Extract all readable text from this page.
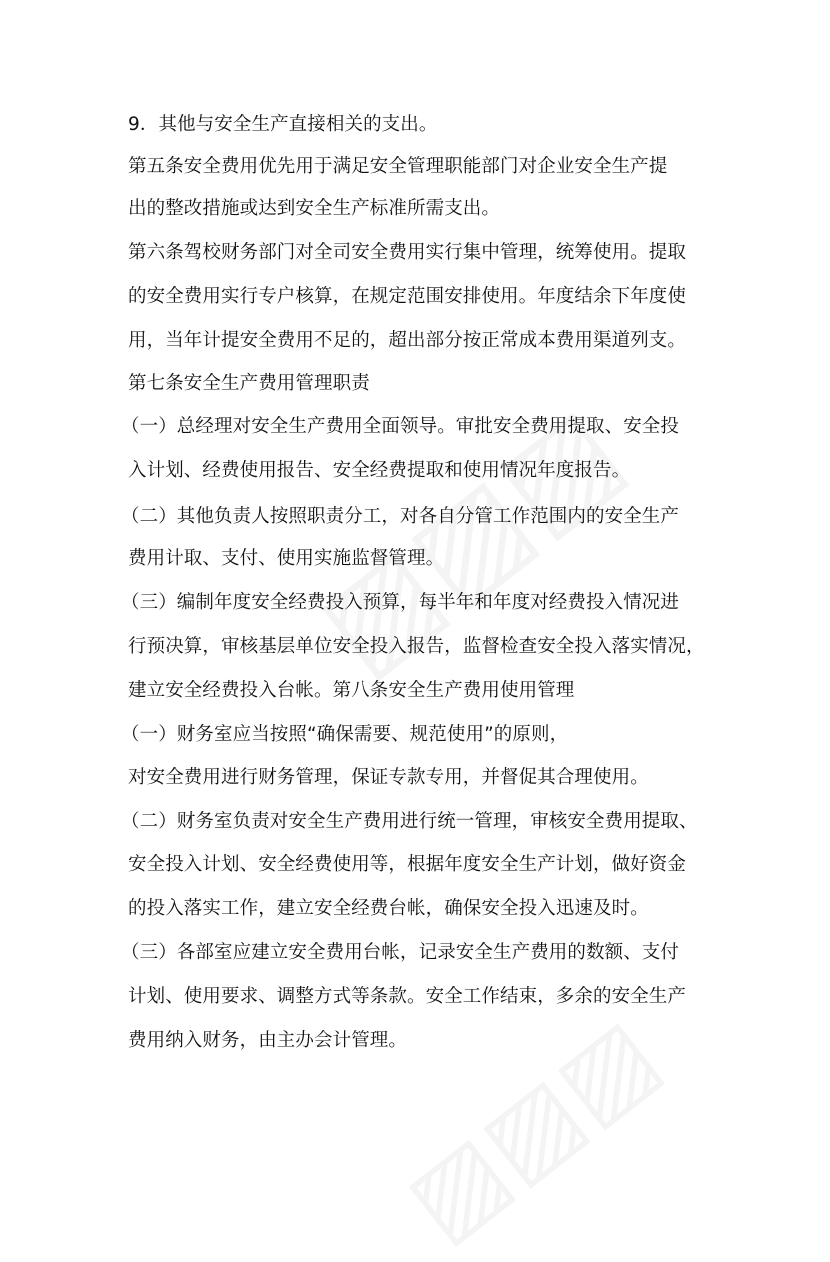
9．其他与安全生产直接相关的支出。
第五条安全费用优先用于满足安全管理职能部门对企业安全生产提
出的整改措施或达到安全生产标准所需支出。
第六条驾校财务部门对全司安全费用实行集中管理，统筹使用。提取
的安全费用实行专户核算，在规定范围安排使用。年度结余下年度使
用，当年计提安全费用不足的，超出部分按正常成本费用渠道列支。
第七条安全生产费用管理职责
（一）总经理对安全生产费用全面领导。审批安全费用提取、安全投
入计划、经费使用报告、安全经费提取和使用情况年度报告。
（二）其他负责人按照职责分工，对各自分管工作范围内的安全生产
费用计取、支付、使用实施监督管理。
（三）编制年度安全经费投入预算，每半年和年度对经费投入情况进
行预决算，审核基层单位安全投入报告，监督检查安全投入落实情况，
建立安全经费投入台帐。第八条安全生产费用使用管理
（一）财务室应当按照“确保需要、规范使用”的原则，
对安全费用进行财务管理，保证专款专用，并督促其合理使用。
（二）财务室负责对安全生产费用进行统一管理，审核安全费用提取、
安全投入计划、安全经费使用等，根据年度安全生产计划，做好资金
的投入落实工作，建立安全经费台帐，确保安全投入迅速及时。
（三）各部室应建立安全费用台帐，记录安全生产费用的数额、支付
计划、使用要求、调整方式等条款。安全工作结束，多余的安全生产
费用纳入财务，由主办会计管理。
